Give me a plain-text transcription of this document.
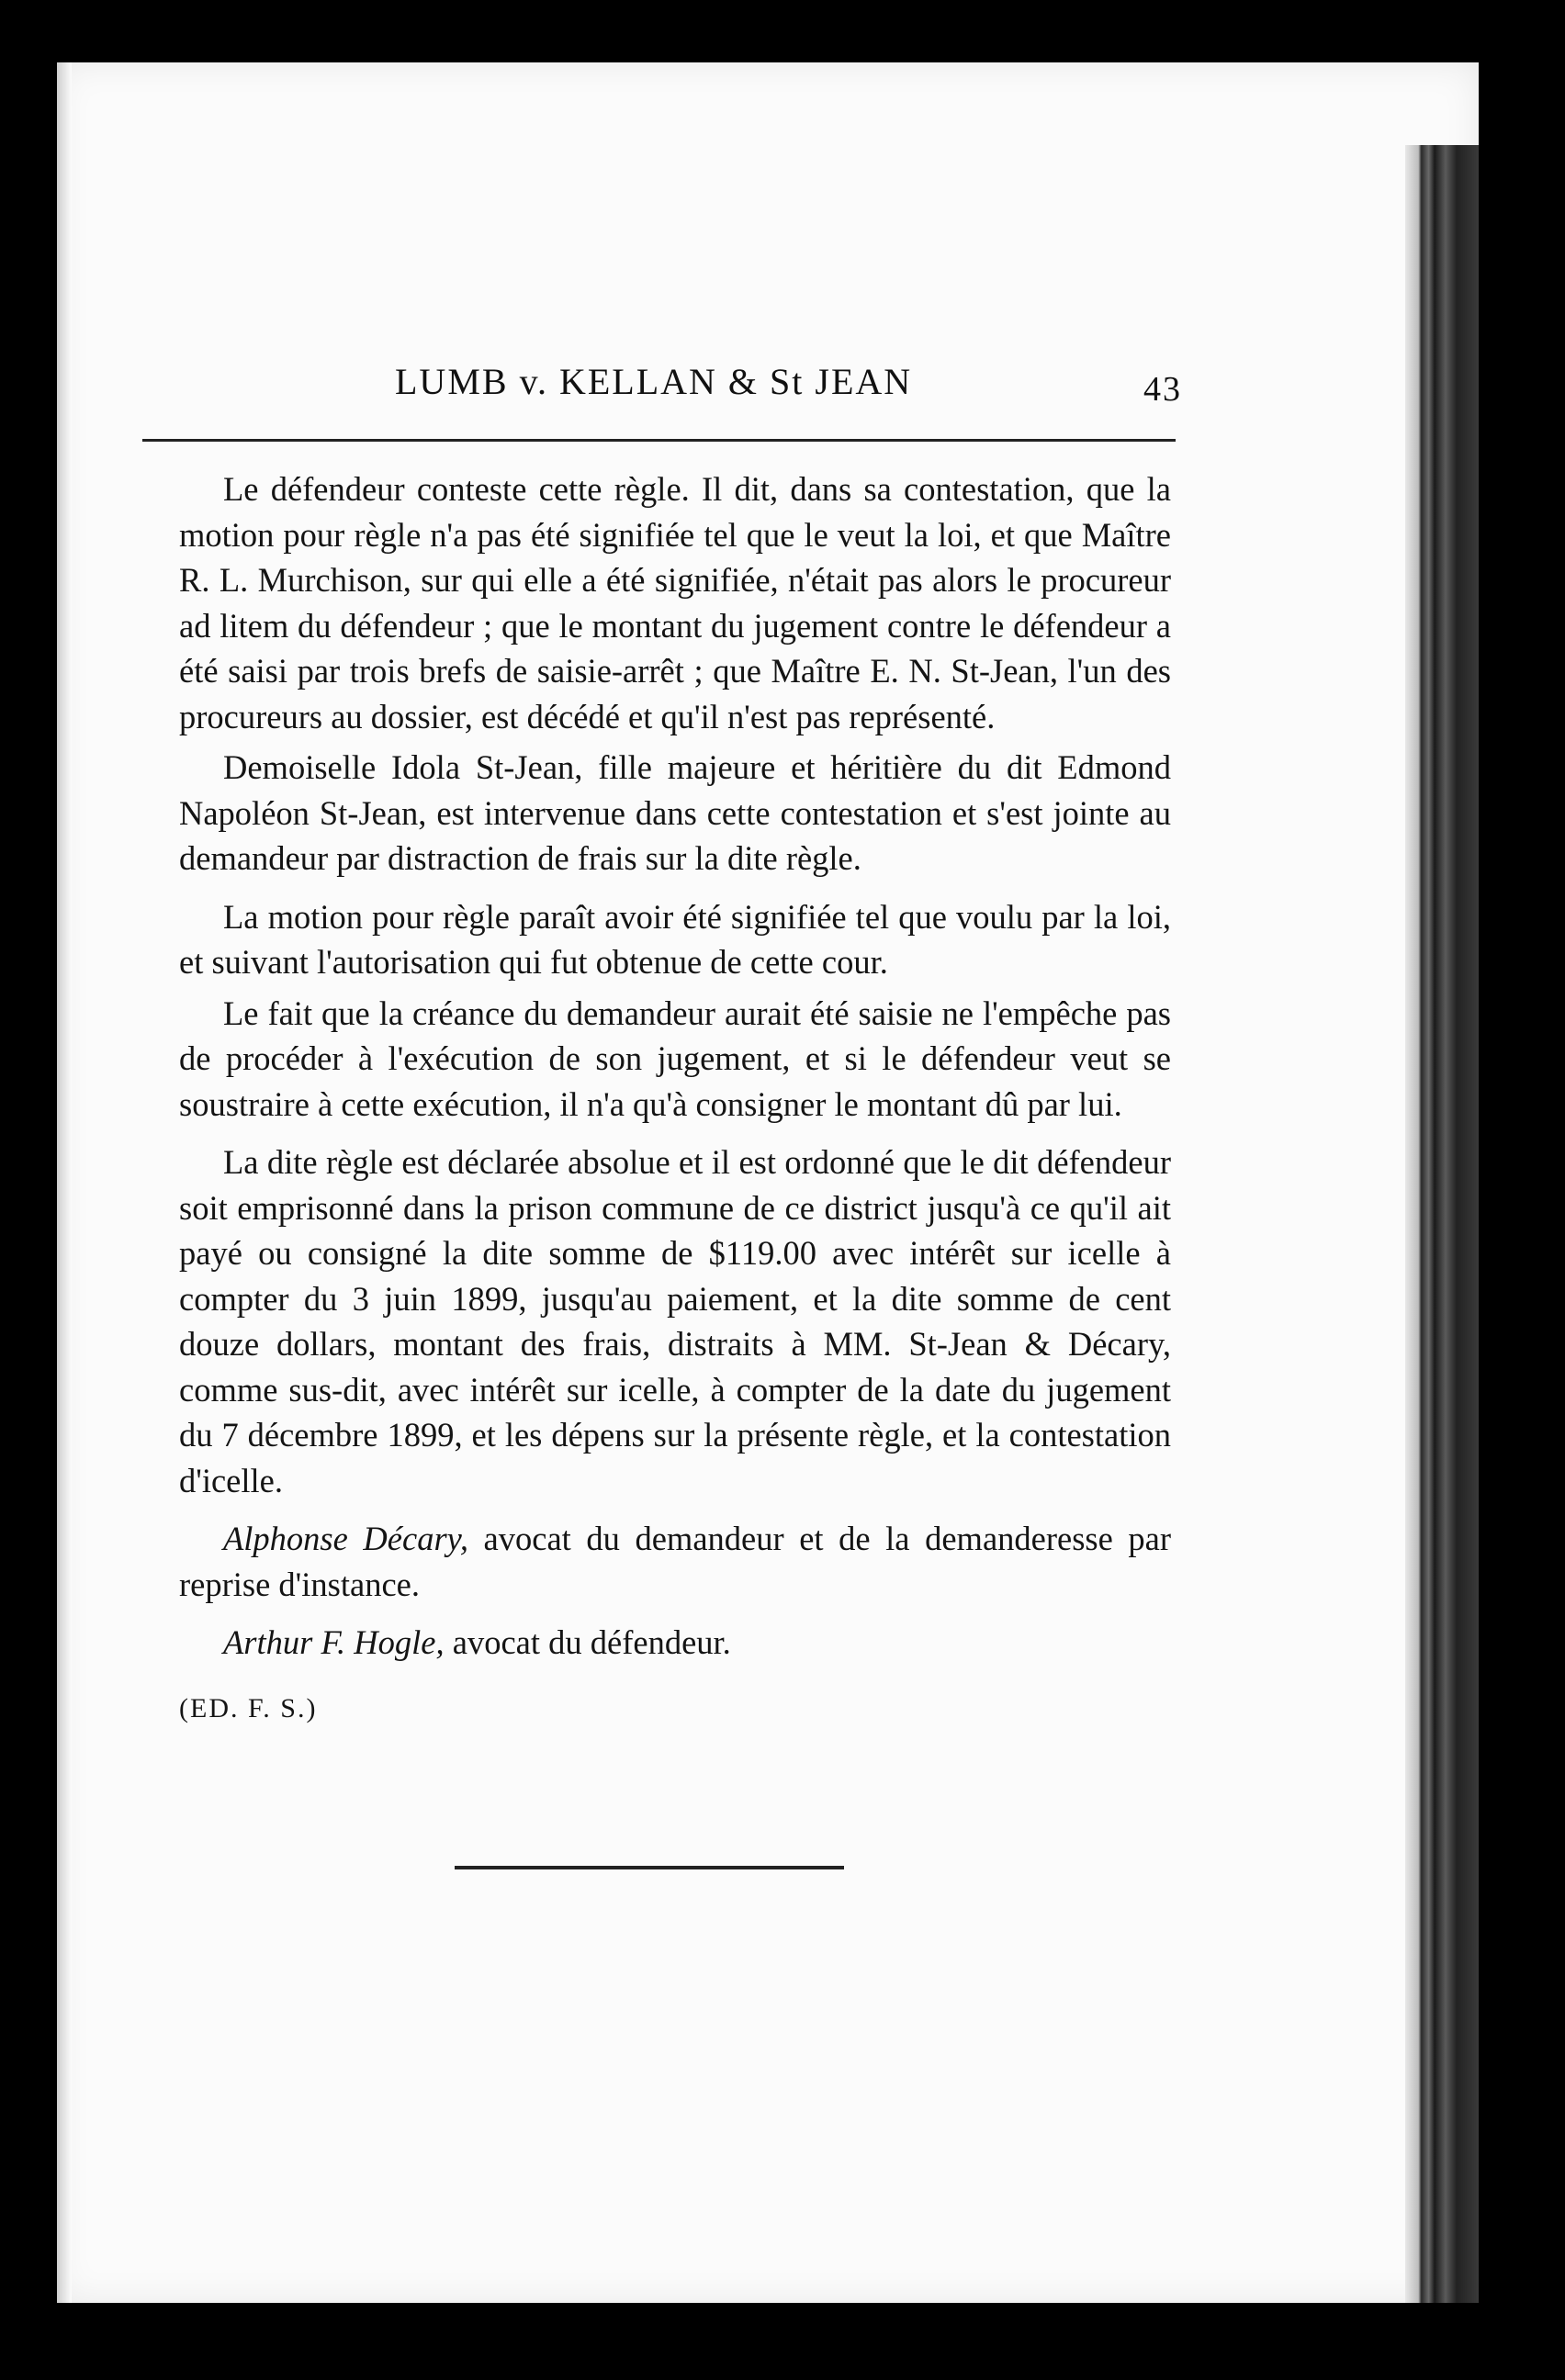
LUMB v. KELLAN & St JEAN	43

Le défendeur conteste cette règle. Il dit, dans sa contestation, que la motion pour règle n'a pas été signifiée tel que le veut la loi, et que Maître R. L. Murchison, sur qui elle a été signifiée, n'était pas alors le procureur ad litem du défendeur ; que le montant du jugement contre le défendeur a été saisi par trois brefs de saisie-arrêt ; que Maître E. N. St-Jean, l'un des procureurs au dossier, est décédé et qu'il n'est pas représenté.

Demoiselle Idola St-Jean, fille majeure et héritière du dit Edmond Napoléon St-Jean, est intervenue dans cette contestation et s'est jointe au demandeur par distraction de frais sur la dite règle.

La motion pour règle paraît avoir été signifiée tel que voulu par la loi, et suivant l'autorisation qui fut obtenue de cette cour.

Le fait que la créance du demandeur aurait été saisie ne l'empêche pas de procéder à l'exécution de son jugement, et si le défendeur veut se soustraire à cette exécution, il n'a qu'à consigner le montant dû par lui.

La dite règle est déclarée absolue et il est ordonné que le dit défendeur soit emprisonné dans la prison commune de ce district jusqu'à ce qu'il ait payé ou consigné la dite somme de $119.00 avec intérêt sur icelle à compter du 3 juin 1899, jusqu'au paiement, et la dite somme de cent douze dollars, montant des frais, distraits à MM. St-Jean & Décary, comme sus-dit, avec intérêt sur icelle, à compter de la date du jugement du 7 décembre 1899, et les dépens sur la présente règle, et la contestation d'icelle.

Alphonse Décary, avocat du demandeur et de la demanderesse par reprise d'instance.

Arthur F. Hogle, avocat du défendeur.

(ED. F. S.)
